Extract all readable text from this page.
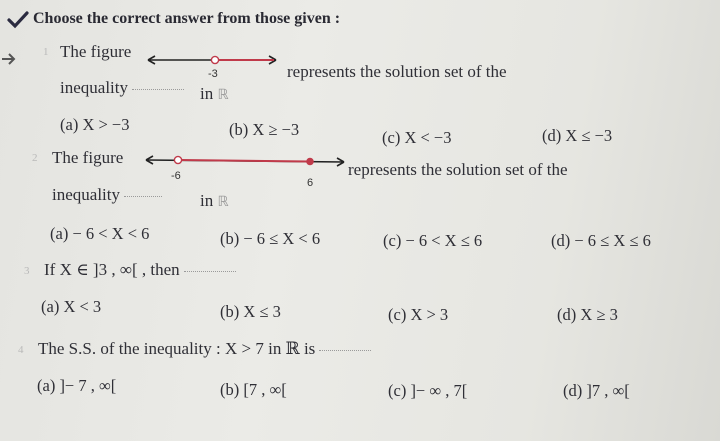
Choose the correct answer from those given :
1 The figure
-3	represents the solution set of the
inequality	in ℝ
(a) X > −3	(b) X ≥ −3	(c) X < −3	(d) X ≤ −3
2 The figure
-6
6
represents the solution set of the
inequality	in ℝ
(a) − 6 < X < 6	(b) − 6 ≤ X < 6	(c) − 6 < X ≤ 6	(d) − 6 ≤ X ≤ 6
3 If X ∈ ]3 , ∞[ , then
(a) X < 3	(b) X ≤ 3	(c) X > 3	(d) X ≥ 3
4 The S.S. of the inequality : X > 7 in ℝ is
(a) ]− 7 , ∞[	(b) [7 , ∞[	(c) ]− ∞ , 7[	(d) ]7 , ∞[
